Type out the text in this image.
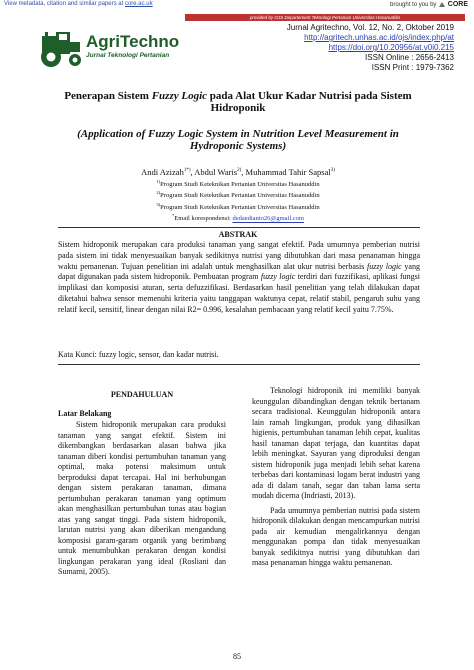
View metadata, citation and similar papers at core.ac.uk	brought to you by CORE
provided by OJS Departement Teknologi Pertanian Universitas Hasanuddin
Jurnal Agritechno, Vol. 12, No. 2, Oktober 2019
http://agritech.unhas.ac.id/ojs/index.php/at
https://doi.org/10.20956/at.v0i0.215
ISSN Online : 2656-2413
ISSN Print : 1979-7362
AgriTechno
Jurnal Teknologi Pertanian
Penerapan Sistem Fuzzy Logic pada Alat Ukur Kadar Nutrisi pada Sistem Hidroponik
(Application of Fuzzy Logic System in Nutrition Level Measurement in Hydroponic Systems)
Andi Azizah$^{1*)}$, Abdul Waris$^{2)}$, Muhammad Tahir Sapsal$^{3)}$
$^{1)}$Program Studi Keteknikan Pertanian Universitas Hasanuddin
$^{2)}$Program Studi Keteknikan Pertanian Universitas Hasanuddin
$^{3)}$Program Studi Keteknikan Pertanian Universitas Hasanuddin
*Email korespondensi: dedaedianto26@gmail.com
ABSTRAK
Sistem hidroponik merupakan cara produksi tanaman yang sangat efektif. Pada umumnya pemberian nutrisi pada sistem ini tidak menyesuaikan banyak sedikitnya nutrisi yang dibutuhkan dari masa penanaman hingga waktu pemanenan. Tujuan penelitian ini adalah untuk menghasilkan alat ukur nutrisi berbasis fuzzy logic yang dapat digunakan pada sistem hidroponik. Pembuatan program fuzzy logic terdiri dari fuzzifikasi, aplikasi fungsi implikasi dan komposisi aturan, serta defuzzifikasi. Berdasarkan hasil penelitian yang telah dilakukan dapat diketahui bahwa sensor memenuhi kriteria yaitu tanggapan waktunya cepat, relatif stabil, pengaruh suhu yang relatif kecil, sensitif, linear dengan nilai R2= 0.996, kesalahan pembacaan yang relatif kecil yaitu 7.75%.
Kata Kunci: fuzzy logic, sensor, dan kadar nutrisi.
PENDAHULUAN
Latar Belakang

Sistem hidroponik merupakan cara produksi tanaman yang sangat efektif. Sistem ini dikembangkan berdasarkan alasan bahwa jika tanaman diberi kondisi pertumbuhan tanaman yang optimal, maka potensi maksimum untuk berproduksi dapat tercapai. Hal ini berhubungan dengan sistem perakaran tanaman, dimana pertumbuhan perakaran tanaman yang optimum akan menghasilkan pertumbuhan tunas atau bagian atas yang sangat tinggi. Pada sistem hidroponik, larutan nutrisi yang akan diberikan mengandung komposisi garam-garam organik yang berimbang untuk menumbuhkan perakaran dengan kondisi lingkungan perakaran yang ideal (Rosliani dan Sumarni, 2005).

Teknologi hidroponik ini memiliki banyak keunggulan dibandingkan dengan teknik bertanam secara tradisional. Keunggulan hidroponik antara lain ramah lingkungan, produk yang dihasilkan higienis, pertumbuhan tanaman lebih cepat, kualitas hasil tanaman dapat terjaga, dan kuantitas dapat lebih meningkat. Sayuran yang diproduksi dengan sistem hidroponik juga menjadi lebih sehat karena terbebas dari kontaminasi logam berat industri yang ada di dalam tanah, segar dan tahan lama serta mudah dicerna (Indriasti, 2013).

Pada umumnya pemberian nutrisi pada sistem hidroponik dilakukan dengan mencampurkan nutrisi pada air kemudian mengalirkannya dengan menggunakan pompa dan tidak menyesuaikan banyak sedikitnya nutrisi yang dibutuhkan dari masa penanaman hingga waktu pemanenan.

85
